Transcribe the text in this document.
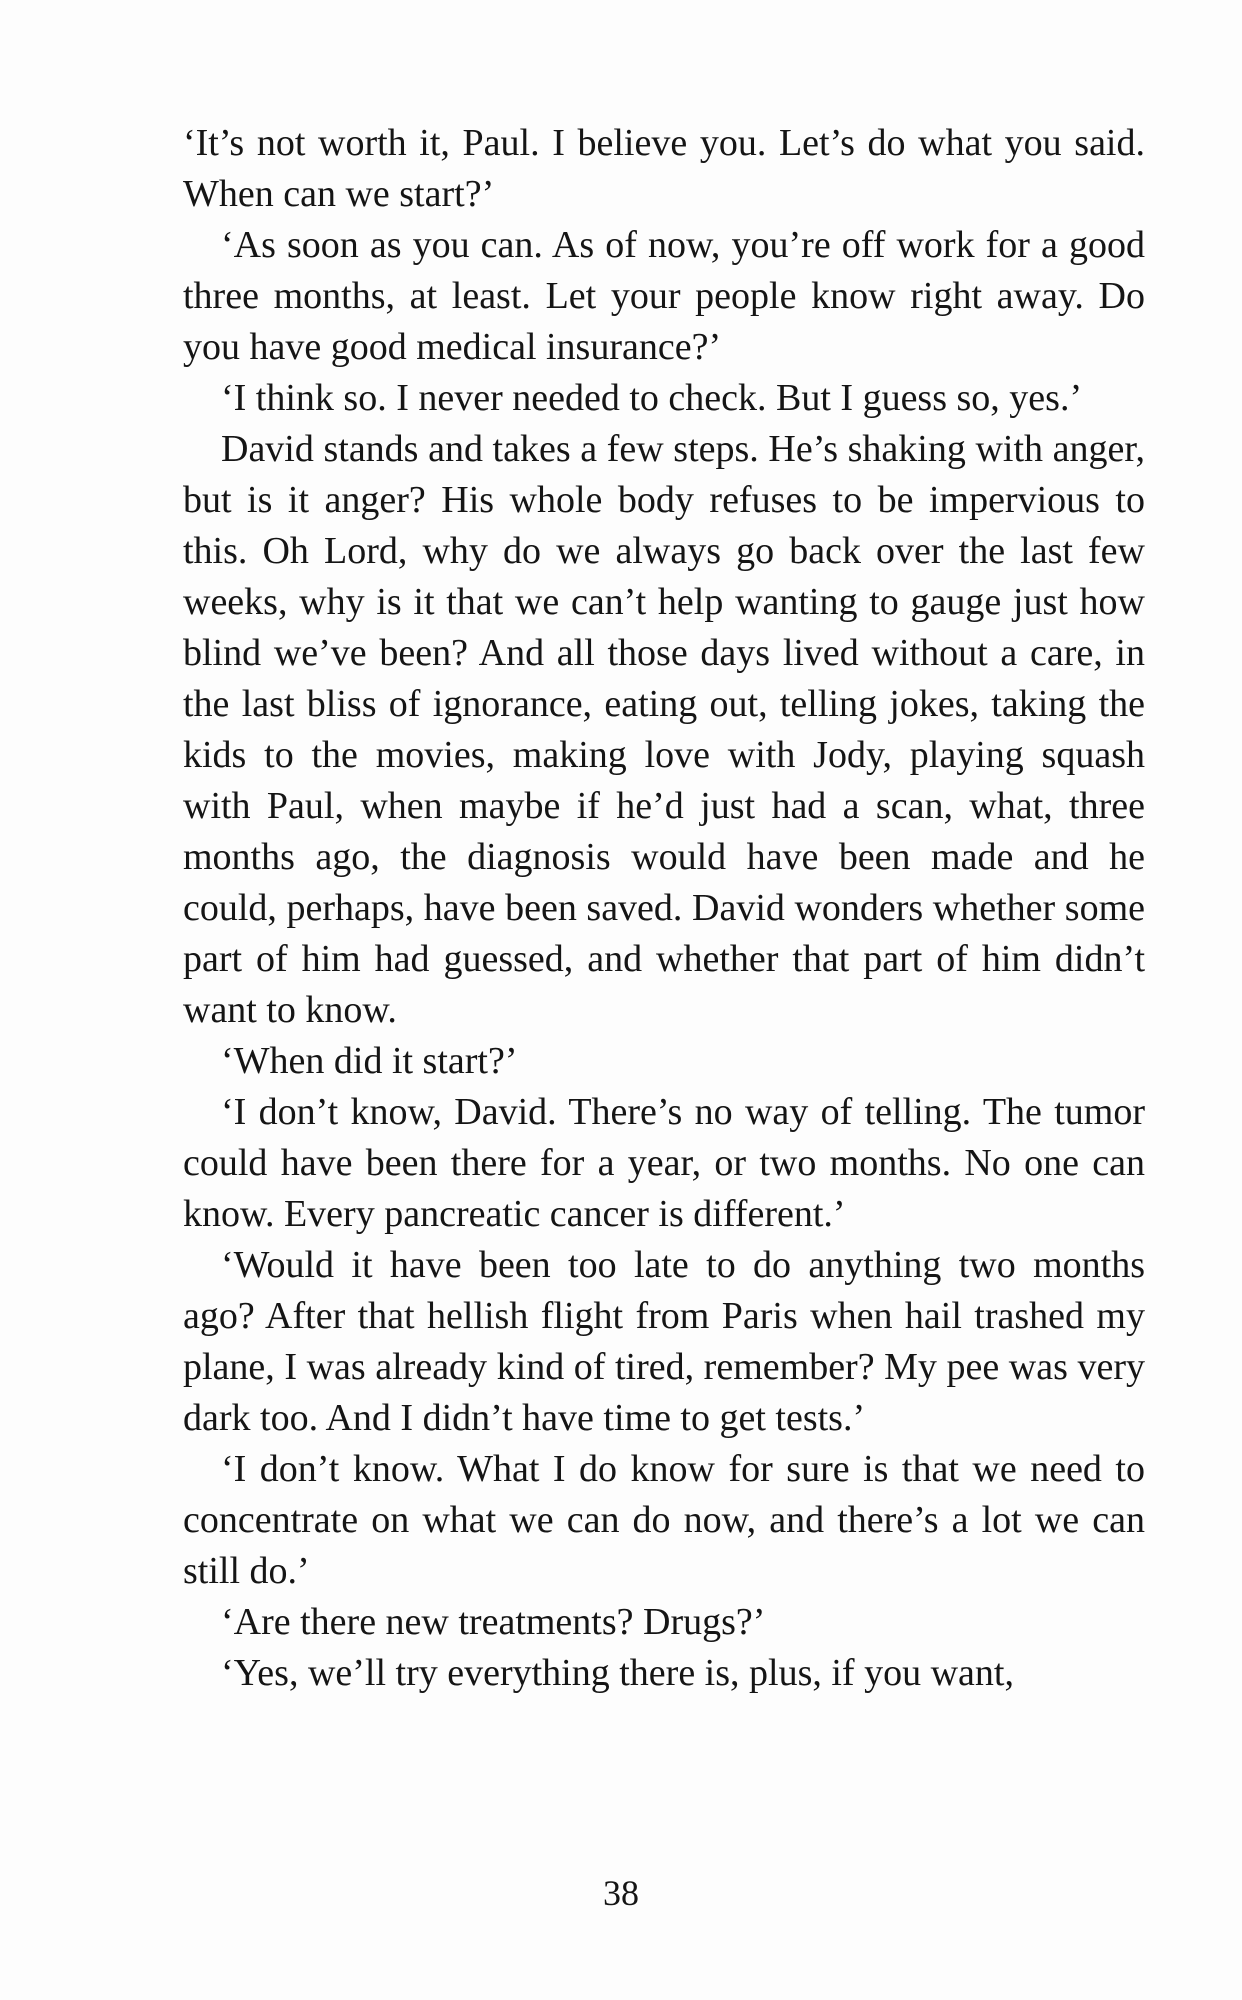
‘It’s not worth it, Paul. I believe you. Let’s do what you said. When can we start?’

‘As soon as you can. As of now, you’re off work for a good three months, at least. Let your people know right away. Do you have good medical insurance?’

‘I think so. I never needed to check. But I guess so, yes.’

David stands and takes a few steps. He’s shaking with anger, but is it anger? His whole body refuses to be impervious to this. Oh Lord, why do we always go back over the last few weeks, why is it that we can’t help wanting to gauge just how blind we’ve been? And all those days lived without a care, in the last bliss of ignorance, eating out, telling jokes, taking the kids to the movies, making love with Jody, playing squash with Paul, when maybe if he’d just had a scan, what, three months ago, the diagnosis would have been made and he could, perhaps, have been saved. David wonders whether some part of him had guessed, and whether that part of him didn’t want to know.

‘When did it start?’

‘I don’t know, David. There’s no way of telling. The tumor could have been there for a year, or two months. No one can know. Every pancreatic cancer is different.’

‘Would it have been too late to do anything two months ago? After that hellish flight from Paris when hail trashed my plane, I was already kind of tired, remember? My pee was very dark too. And I didn’t have time to get tests.’

‘I don’t know. What I do know for sure is that we need to concentrate on what we can do now, and there’s a lot we can still do.’

‘Are there new treatments? Drugs?’

‘Yes, we’ll try everything there is, plus, if you want,

38
